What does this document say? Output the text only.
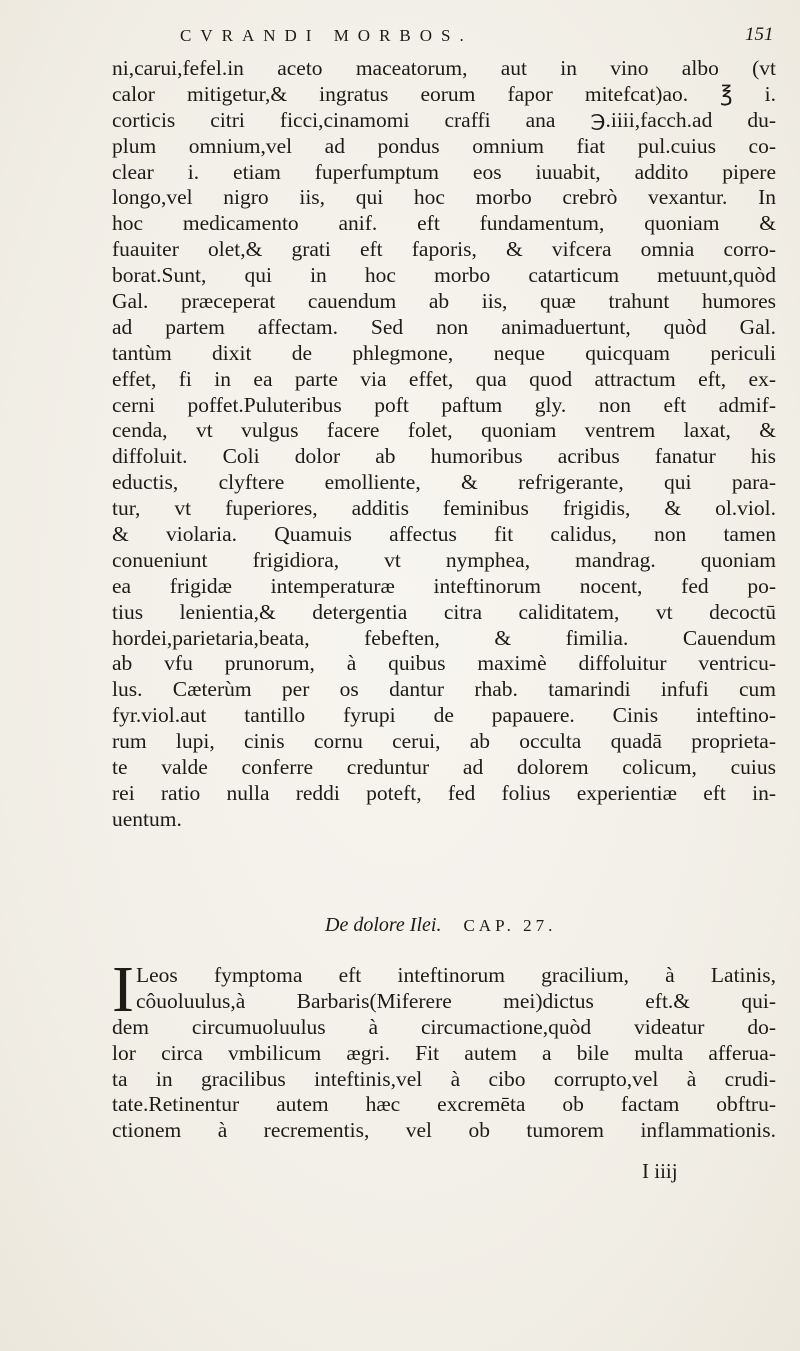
CVRANDI MORBOS.	151
ni,carui,fefel.in aceto maceatorum, aut in vino albo (vt
calor mitigetur,& ingratus eorum fapor mitefcat)ao. ℥ i.
corticis citri ficci,cinamomi craffi ana ℈.iiii,facch.ad du-
plum omnium,vel ad pondus omnium fiat pul.cuius co-
clear i. etiam fuperfumptum eos iuuabit, addito pipere
longo,vel nigro iis, qui hoc morbo crebrò vexantur. In
hoc medicamento anif. eft fundamentum, quoniam &
fuauiter olet,& grati eft faporis, & vifcera omnia corro-
borat.Sunt, qui in hoc morbo catarticum metuunt,quòd
Gal. præceperat cauendum ab iis, quæ trahunt humores
ad partem affectam. Sed non animaduertunt, quòd Gal.
tantùm dixit de phlegmone, neque quicquam periculi
effet, fi in ea parte via effet, qua quod attractum eft, ex-
cerni poffet.Puluteribus poft paftum gly. non eft admif-
cenda, vt vulgus facere folet, quoniam ventrem laxat, &
diffoluit. Coli dolor ab humoribus acribus fanatur his
eductis, clyftere emolliente, & refrigerante, qui para-
tur, vt fuperiores, additis feminibus frigidis, & ol.viol.
& violaria. Quamuis affectus fit calidus, non tamen
conueniunt frigidiora, vt nymphea, mandrag. quoniam
ea frigidæ intemperaturæ inteftinorum nocent, fed po-
tius lenientia,& detergentia citra caliditatem, vt decoctū
hordei,parietaria,beata, febeften, & fimilia. Cauendum
ab vfu prunorum, à quibus maximè diffoluitur ventricu-
lus. Cæterùm per os dantur rhab. tamarindi infufi cum
fyr.viol.aut tantillo fyrupi de papauere. Cinis inteftino-
rum lupi, cinis cornu cerui, ab occulta quadā proprieta-
te valde conferre creduntur ad dolorem colicum, cuius
rei ratio nulla reddi poteft, fed folius experientiæ eft in-
uentum.
De dolore Ilei. CAP. 27.
I Leos fymptoma eft inteftinorum gracilium, à Latinis,
côuoluulus,à Barbaris(Miferere mei)dictus eft.& qui-
dem circumuoluulus à circumactione,quòd videatur do-
lor circa vmbilicum ægri. Fit autem a bile multa afferua-
ta in gracilibus inteftinis,vel à cibo corrupto,vel à crudi-
tate.Retinentur autem hæc excremēta ob factam obftru-
ctionem à recrementis, vel ob tumorem inflammationis.
I iiij
